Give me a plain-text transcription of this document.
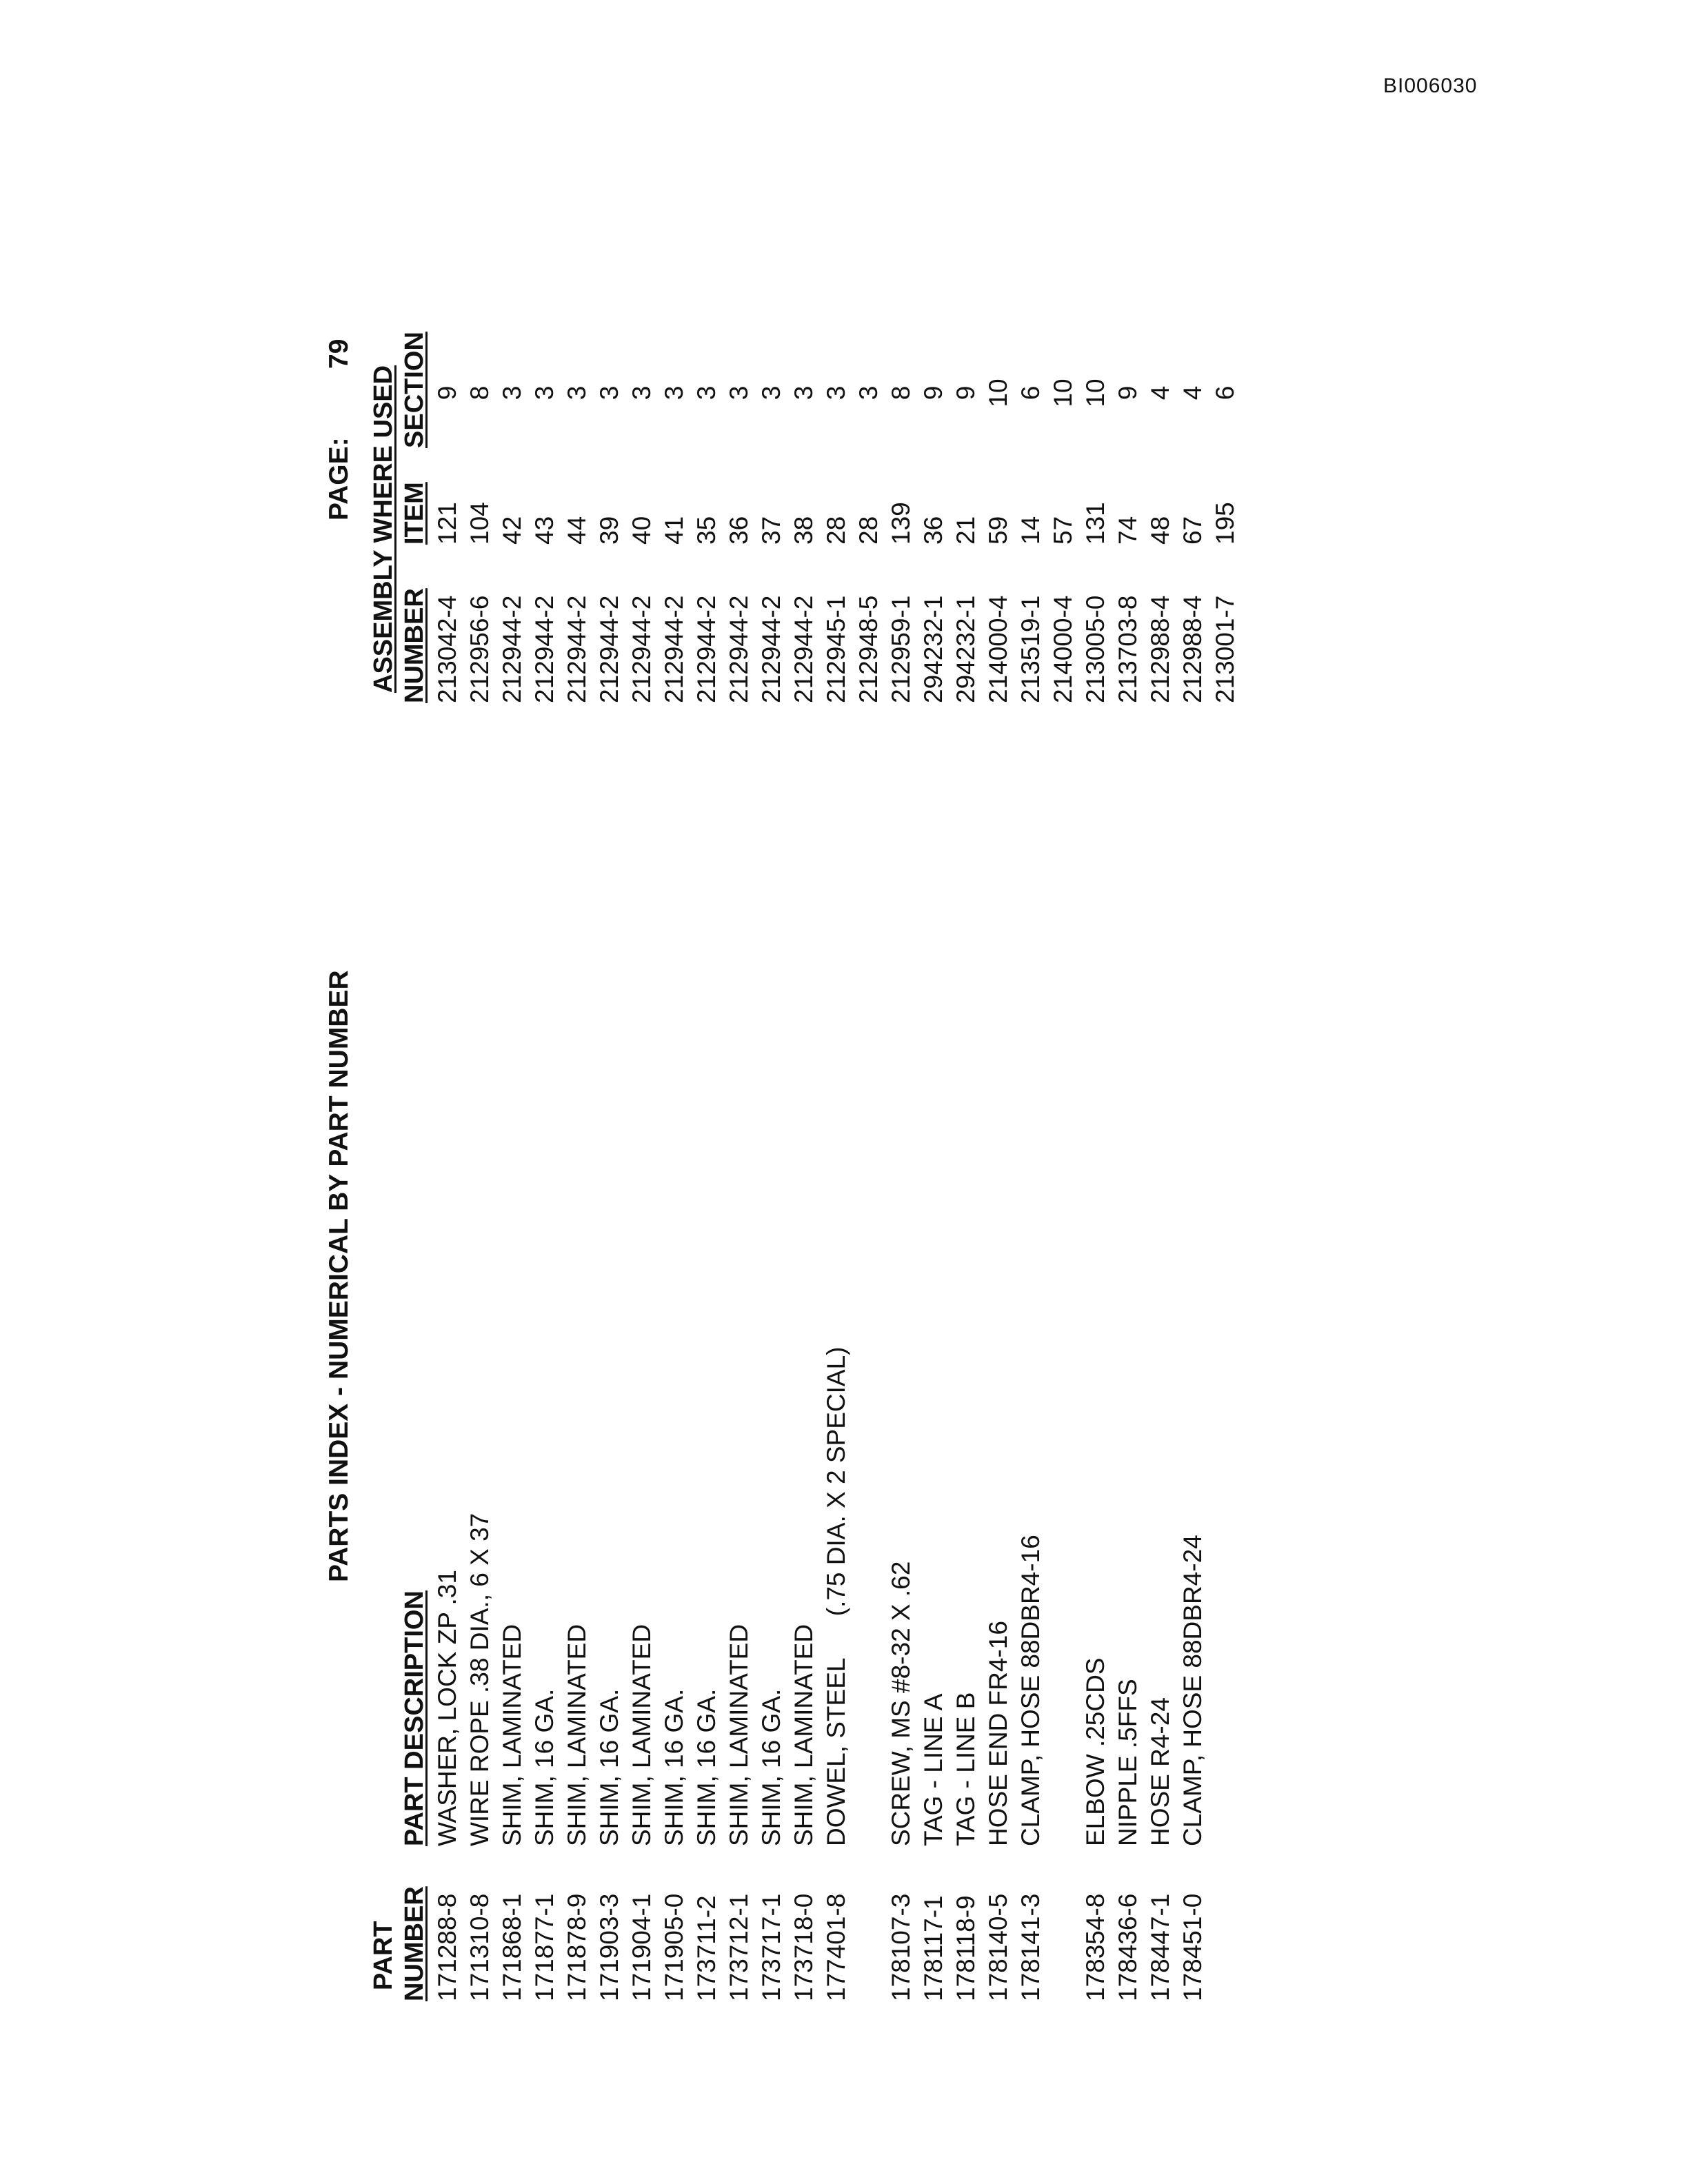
BI006030
PARTS INDEX - NUMERICAL BY PART NUMBER
PAGE:
79
PART NUMBER
PART DESCRIPTION
ASSEMBLY WHERE USED NUMBER
ITEM
SECTION
171288-8
WASHER, LOCK ZP .31
213042-4
121
9
171310-8
WIRE ROPE .38 DIA., 6 X 37
212956-6
104
8
171868-1
SHIM, LAMINATED
212944-2
42
3
171877-1
SHIM, 16 GA.
212944-2
43
3
171878-9
SHIM, LAMINATED
212944-2
44
3
171903-3
SHIM, 16 GA.
212944-2
39
3
171904-1
SHIM, LAMINATED
212944-2
40
3
171905-0
SHIM, 16 GA.
212944-2
41
3
173711-2
SHIM, 16 GA.
212944-2
35
3
173712-1
SHIM, LAMINATED
212944-2
36
3
173717-1
SHIM, 16 GA.
212944-2
37
3
173718-0
SHIM, LAMINATED
212944-2
38
3
177401-8
DOWEL, STEEL      (.75 DIA. X 2 SPECIAL)
212945-1
28
3
212948-5
28
3
178107-3
SCREW, MS #8-32 X .62
212959-1
139
8
178117-1
TAG - LINE A
294232-1
36
9
178118-9
TAG - LINE B
294232-1
21
9
178140-5
HOSE END FR4-16
214000-4
59
10
178141-3
CLAMP, HOSE 88DBR4-16
213519-1
14
6
214000-4
57
10
178354-8
ELBOW .25CDS
213005-0
131
10
178436-6
NIPPLE .5FFS
213703-8
74
9
178447-1
HOSE R4-24
212988-4
48
4
178451-0
CLAMP, HOSE 88DBR4-24
212988-4
67
4
213001-7
195
6
